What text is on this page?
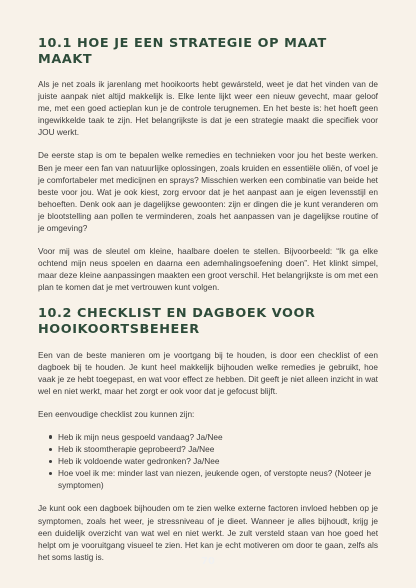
10.1 HOE JE EEN STRATEGIE OP MAAT MAAKT

Als je net zoals ik jarenlang met hooikoorts hebt gewársteld, weet je dat het vinden van de juiste aanpak niet altijd makkelijk is. Elke lente lijkt weer een nieuw gevecht, maar geloof me, met een goed actieplan kun je de controle terugnemen. En het beste is: het hoeft geen ingewikkelde taak te zijn. Het belangrijkste is dat je een strategie maakt die specifiek voor JOU werkt.

De eerste stap is om te bepalen welke remedies en technieken voor jou het beste werken. Ben je meer een fan van natuurlijke oplossingen, zoals kruiden en essentiële oliën, of voel je je comfortabeler met medicijnen en sprays? Misschien werken een combinatie van beide het beste voor jou. Wat je ook kiest, zorg ervoor dat je het aanpast aan je eigen levensstijl en behoeften. Denk ook aan je dagelijkse gewoonten: zijn er dingen die je kunt veranderen om je blootstelling aan pollen te verminderen, zoals het aanpassen van je dagelijkse routine of je omgeving?

Voor mij was de sleutel om kleine, haalbare doelen te stellen. Bijvoorbeeld: “Ik ga elke ochtend mijn neus spoelen en daarna een ademhalingsoefening doen”. Het klinkt simpel, maar deze kleine aanpassingen maakten een groot verschil. Het belangrijkste is om met een plan te komen dat je met vertrouwen kunt volgen.

10.2 CHECKLIST EN DAGBOEK VOOR HOOIKOORTSBEHEER

Een van de beste manieren om je voortgang bij te houden, is door een checklist of een dagboek bij te houden. Je kunt heel makkelijk bijhouden welke remedies je gebruikt, hoe vaak je ze hebt toegepast, en wat voor effect ze hebben. Dit geeft je niet alleen inzicht in wat wel en niet werkt, maar het zorgt er ook voor dat je gefocust blijft.

Een eenvoudige checklist zou kunnen zijn:

Heb ik mijn neus gespoeld vandaag? Ja/Nee
Heb ik stoomtherapie geprobeerd? Ja/Nee
Heb ik voldoende water gedronken? Ja/Nee
Hoe voel ik me: minder last van niezen, jeukende ogen, of verstopte neus? (Noteer je symptomen)

Je kunt ook een dagboek bijhouden om te zien welke externe factoren invloed hebben op je symptomen, zoals het weer, je stressniveau of je dieet. Wanneer je alles bijhoudt, krijg je een duidelijk overzicht van wat wel en niet werkt. Je zult versteld staan van hoe goed het helpt om je vooruitgang visueel te zien. Het kan je echt motiveren om door te gaan, zelfs als het soms lastig is.	70
